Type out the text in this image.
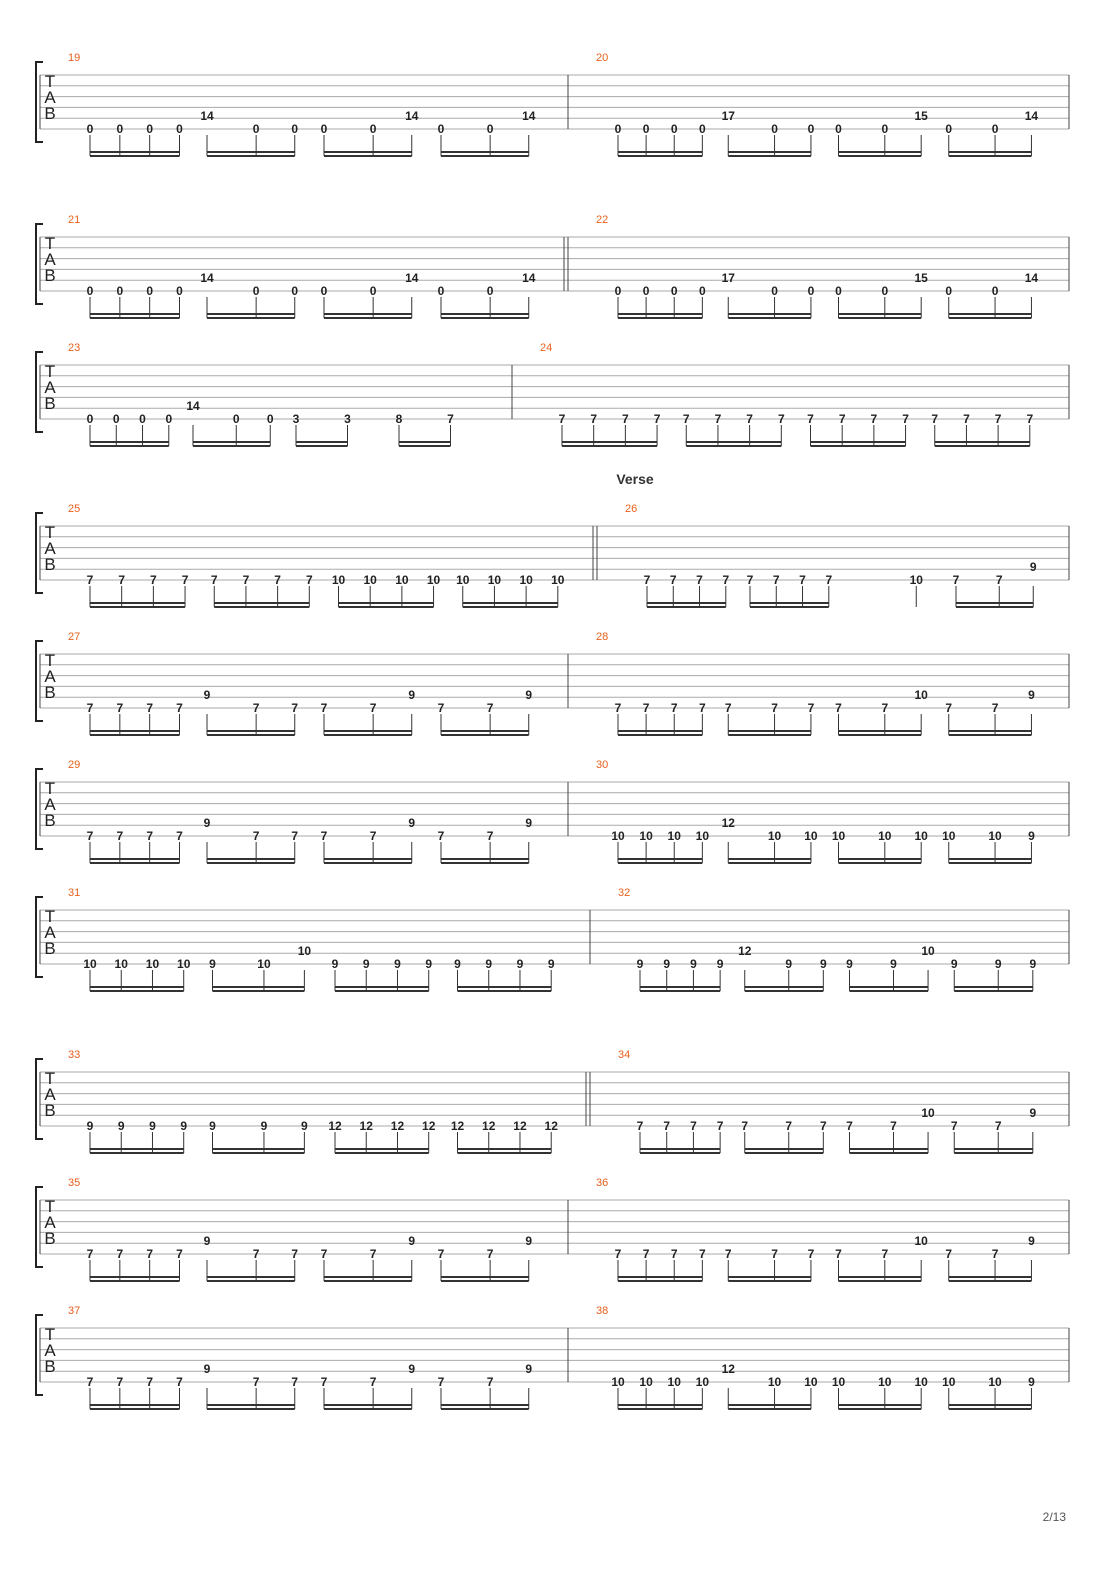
T
A
B
19
0 0 0 0
14
0	0 0	0
14
0	0
14
20
0 0 0 0
17
0 0 0	0
15
0	0
14
T
A
B
21
0 0 0 0
14
0	0 0	0
14
0	0
14
22
0 0 0 0
17
0 0 0	0
15
0	0
14
T
A
B
23
0 0 0 0
14
0 0 3	3	8	7
24
7 7 7 7 7 7 7 7 7 7 7 7 7 7 7 7
T
A
B
25
7 7 7 7 7 7 7 7 10 10 10 10 10 10 10 10
26
Verse
7 7 7 7 7 7 7 7	10 7	7
9
T
A
B
27
7 7 7 7
9
7	7 7	7
9
7	7
9
28
7 7 7 7 7	7 7 7	7
10
7	7
9
T
A
B
29
7 7 7 7
9
7	7 7	7
9
7	7
9
30
10 10 10 10
12
10 10 10	10 10 10	10 9
T
A
B
31
10 10 10 10 9	10
10
9 9 9 9 9 9 9 9
32
9 9 9 9
12
9 9 9	9
10
9	9 9
T
A
B
33
9 9 9 9 9	9	9 12 12 12 12 12 12 12 12
34
7 7 7 7 7	7 7 7	7
10
7	7
9
T
A
B
35
7 7 7 7
9
7	7 7	7
9
7	7
9
36
7 7 7 7 7	7 7 7	7
10
7	7
9
T
A
B
37
7 7 7 7
9
7	7 7	7
9
7	7
9
38
10 10 10 10
12
10 10 10	10 10 10	10 9
2/13
